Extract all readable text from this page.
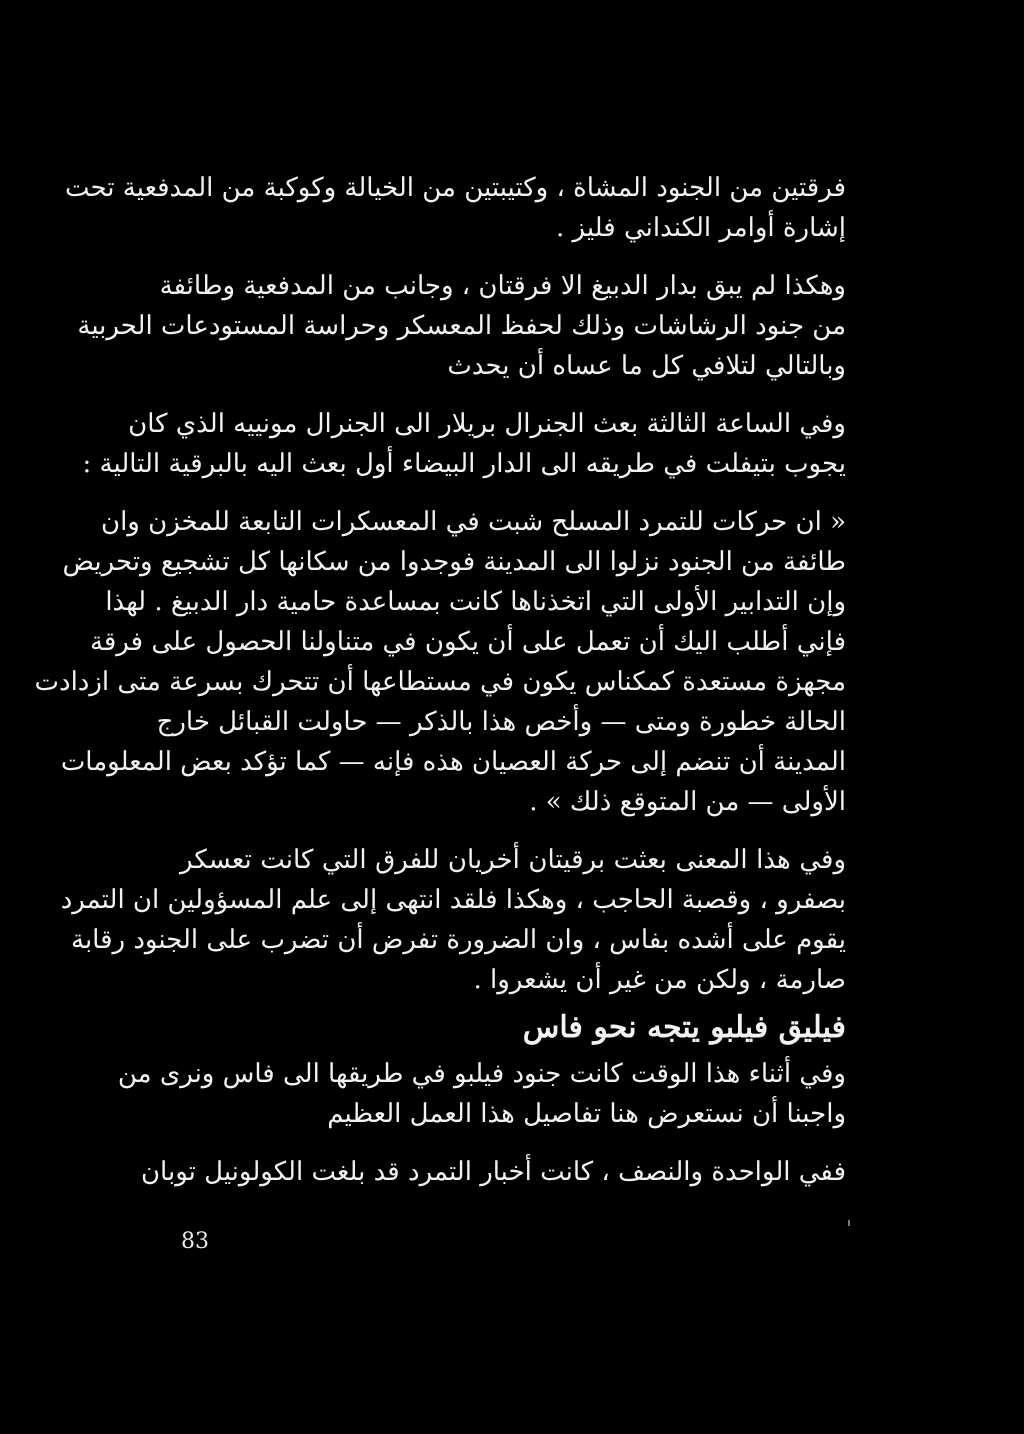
فرقتين من الجنود المشاة ، وكتيبتين من الخيالة وكوكبة من المدفعية تحت
إشارة أوامر الكنداني فليز .
وهكذا لم يبق بدار الدبيغ الا فرقتان ، وجانب من المدفعية وطائفة
من جنود الرشاشات وذلك لحفظ المعسكر وحراسة المستودعات الحربية
وبالتالي لتلافي كل ما عساه أن يحدث
وفي الساعة الثالثة بعث الجنرال بريلار الى الجنرال مونييه الذي كان
يجوب بتيفلت في طريقه الى الدار البيضاء أول بعث اليه بالبرقية التالية :
« ان حركات للتمرد المسلح شبت في المعسكرات التابعة للمخزن وان
طائفة من الجنود نزلوا الى المدينة فوجدوا من سكانها كل تشجيع وتحريض
وإن التدابير الأولى التي اتخذناها كانت بمساعدة حامية دار الدبيغ . لهذا
فإني أطلب اليك أن تعمل على أن يكون في متناولنا الحصول على فرقة
مجهزة مستعدة كمكناس يكون في مستطاعها أن تتحرك بسرعة متى ازدادت
الحالة خطورة ومتى — وأخص هذا بالذكر — حاولت القبائل خارج
المدينة أن تنضم إلى حركة العصيان هذه فإنه — كما تؤكد بعض المعلومات
الأولى — من المتوقع ذلك » .
وفي هذا المعنى بعثت برقيتان أخريان للفرق التي كانت تعسكر
بصفرو ، وقصبة الحاجب ، وهكذا فلقد انتهى إلى علم المسؤولين ان التمرد
يقوم على أشده بفاس ، وان الضرورة تفرض أن تضرب على الجنود رقابة
صارمة ، ولكن من غير أن يشعروا .
فيليق فيلبو يتجه نحو فاس
وفي أثناء هذا الوقت كانت جنود فيلبو في طريقها الى فاس ونرى من
واجبنا أن نستعرض هنا تفاصيل هذا العمل العظيم
ففي الواحدة والنصف ، كانت أخبار التمرد قد بلغت الكولونيل توبان
83
